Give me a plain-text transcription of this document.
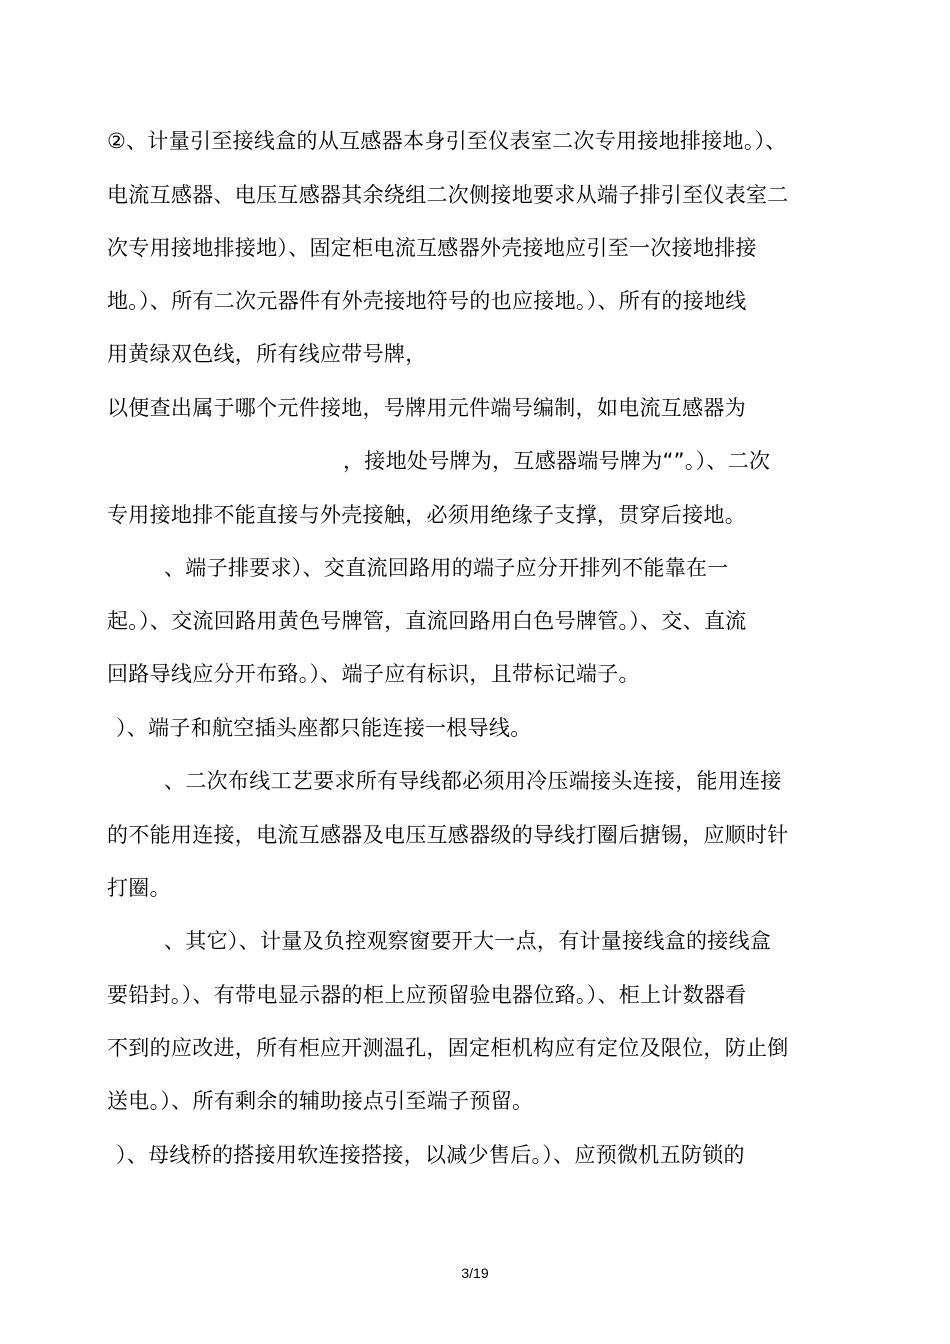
②、计量引至接线盒的从互感器本身引至仪表室二次专用接地排接地。）、
电流互感器、电压互感器其余绕组二次侧接地要求从端子排引至仪表室二
次专用接地排接地）、固定柜电流互感器外壳接地应引至一次接地排接
地。）、所有二次元器件有外壳接地符号的也应接地。）、所有的接地线
用黄绿双色线，所有线应带号牌，
以便查出属于哪个元件接地，号牌用元件端号编制，如电流互感器为
，接地处号牌为，互感器端号牌为“”。）、二次
专用接地排不能直接与外壳接触，必须用绝缘子支撑，贯穿后接地。
、端子排要求）、交直流回路用的端子应分开排列不能靠在一
起。）、交流回路用黄色号牌管，直流回路用白色号牌管。）、交、直流
回路导线应分开布臵。）、端子应有标识，且带标记端子。
）、端子和航空插头座都只能连接一根导线。
、二次布线工艺要求所有导线都必须用冷压端接头连接，能用连接
的不能用连接，电流互感器及电压互感器级的导线打圈后搪锡，应顺时针
打圈。
、其它）、计量及负控观察窗要开大一点，有计量接线盒的接线盒
要铅封。）、有带电显示器的柜上应预留验电器位臵。）、柜上计数器看
不到的应改进，所有柜应开测温孔，固定柜机构应有定位及限位，防止倒
送电。）、所有剩余的辅助接点引至端子预留。
）、母线桥的搭接用软连接搭接，以减少售后。）、应预微机五防锁的
3/19
